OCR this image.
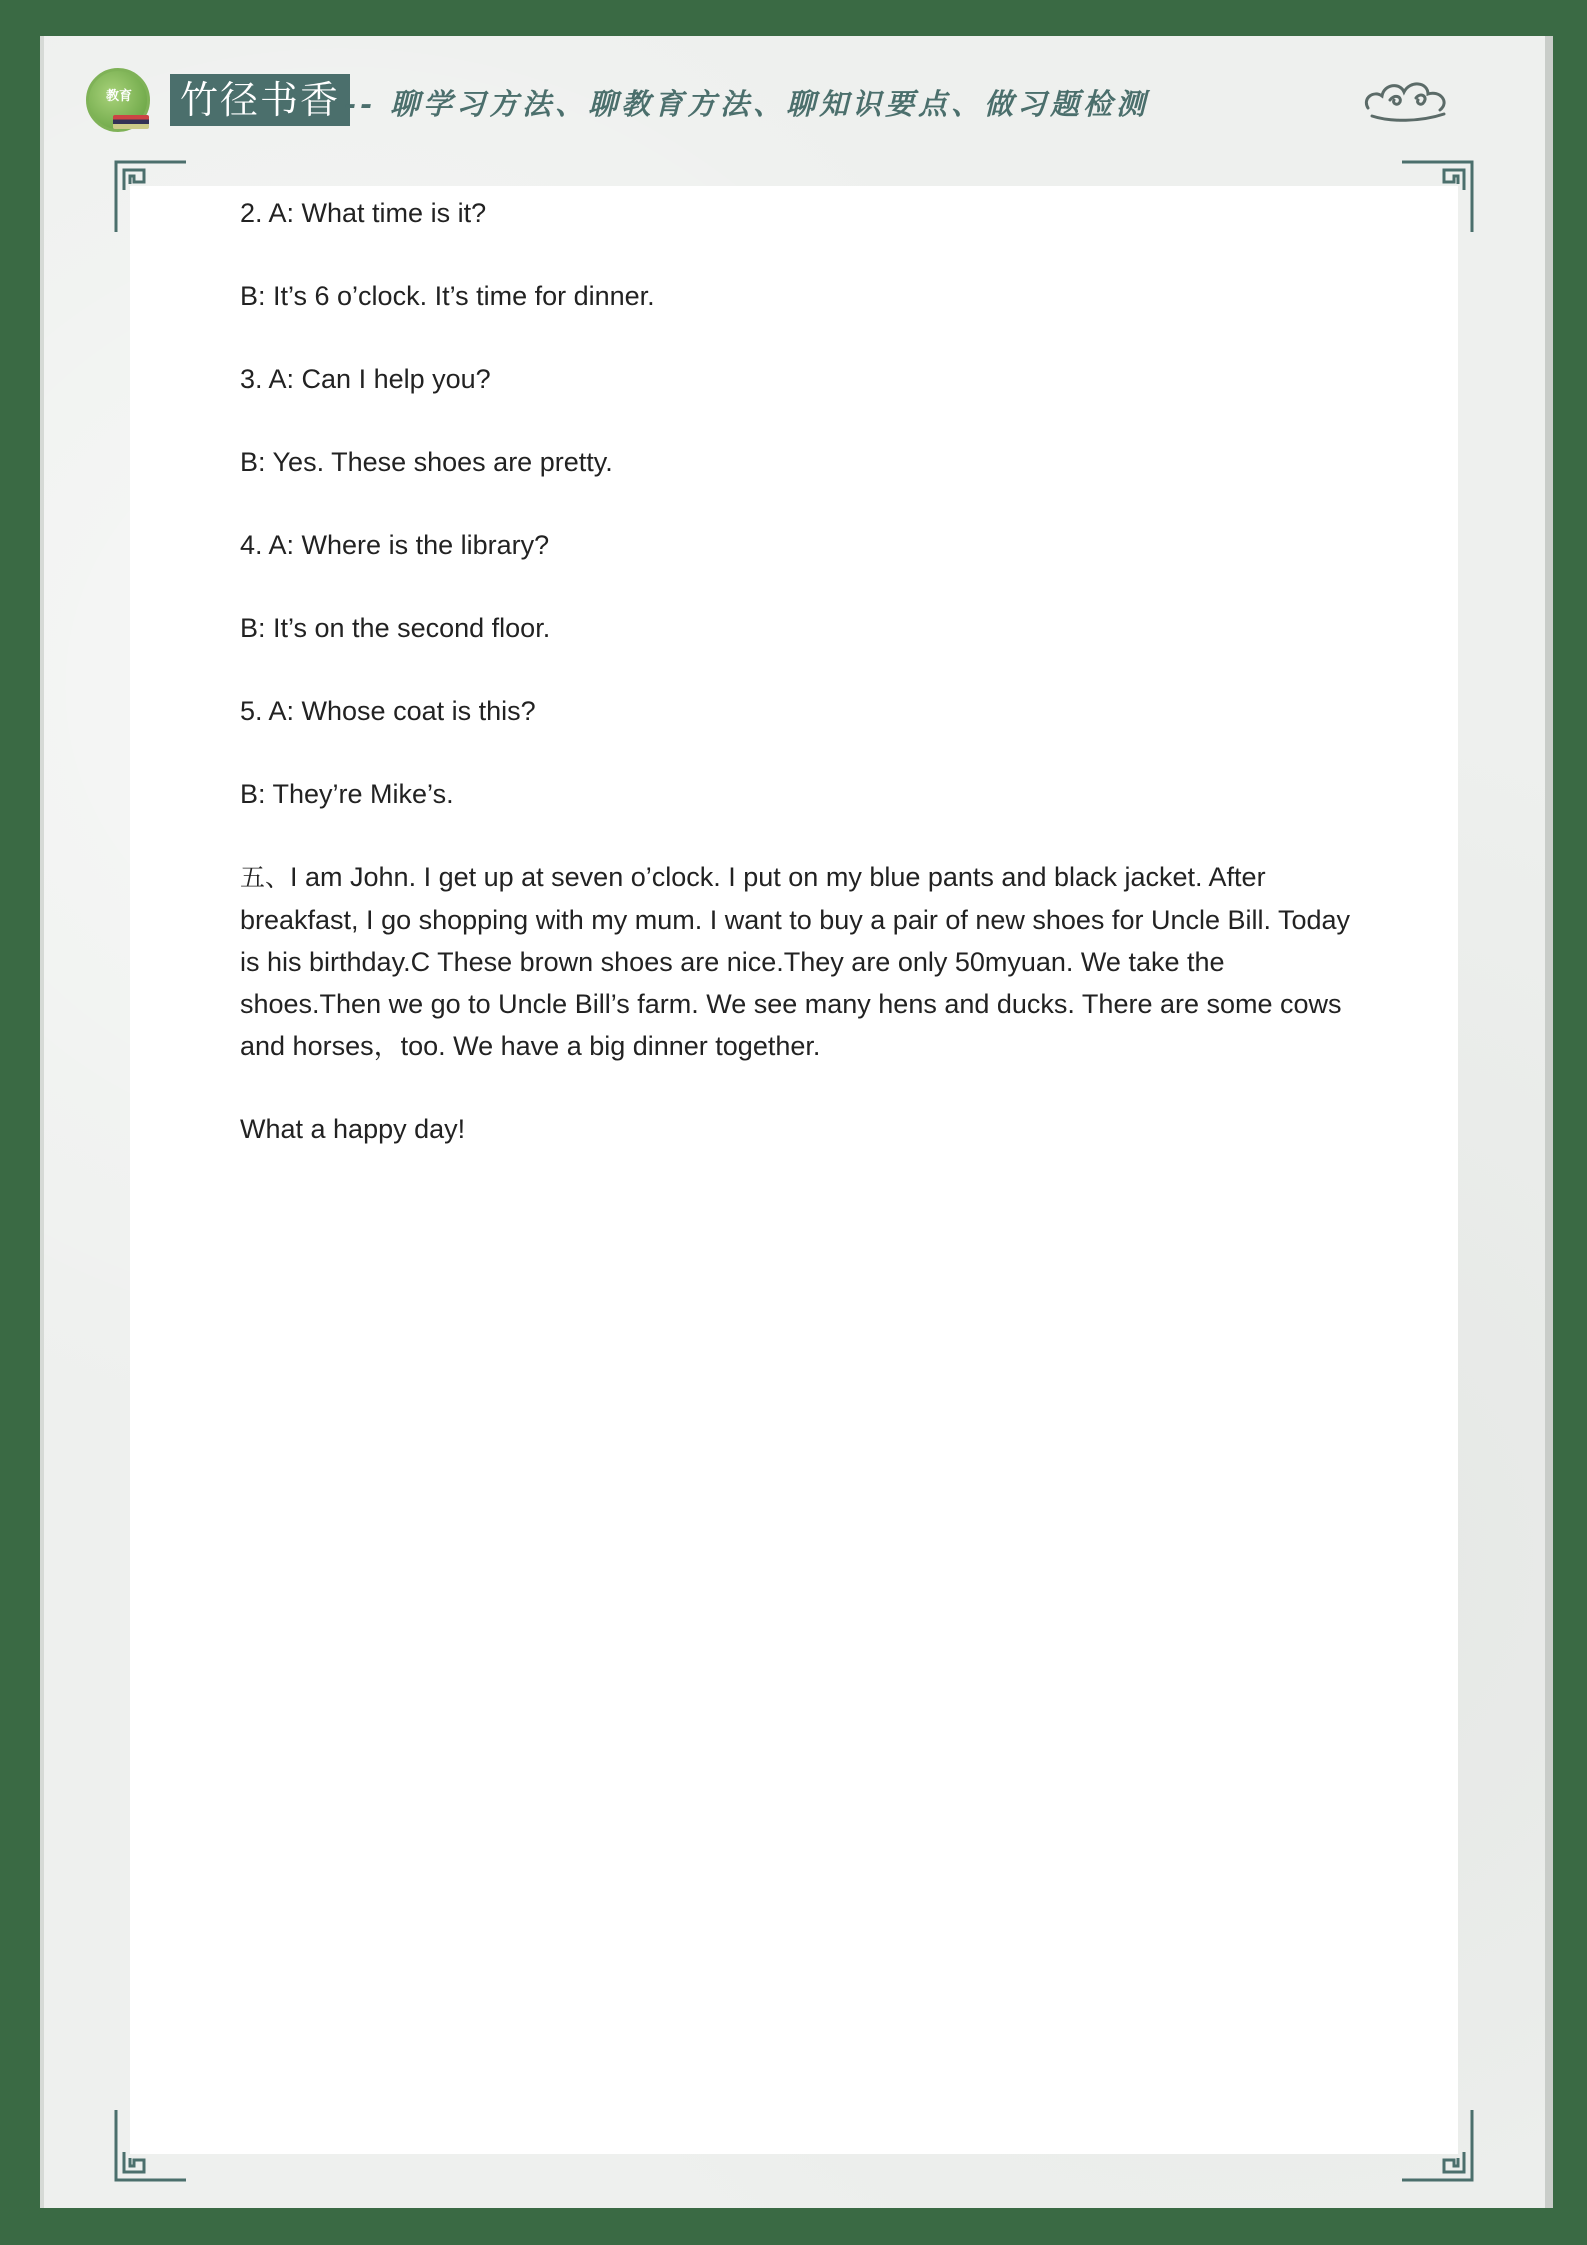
教育 竹径书香 -- 聊学习方法、聊教育方法、聊知识要点、做习题检测

2. A: What time is it?

B: It’s 6 o’clock. It’s time for dinner.

3. A: Can I help you?

B: Yes. These shoes are pretty.

4. A: Where is the library?

B: It’s on the second floor.

5. A: Whose coat is this?

B: They’re Mike’s.

五、I am John. I get up at seven o’clock. I put on my blue pants and black jacket. After breakfast, I go shopping with my mum. I want to buy a pair of new shoes for Uncle Bill. Today is his birthday.C These brown shoes are nice.They are only 50myuan. We take the shoes.Then we go to Uncle Bill’s farm. We see many hens and ducks. There are some cows and horses，too. We have a big dinner together.

What a happy day!
